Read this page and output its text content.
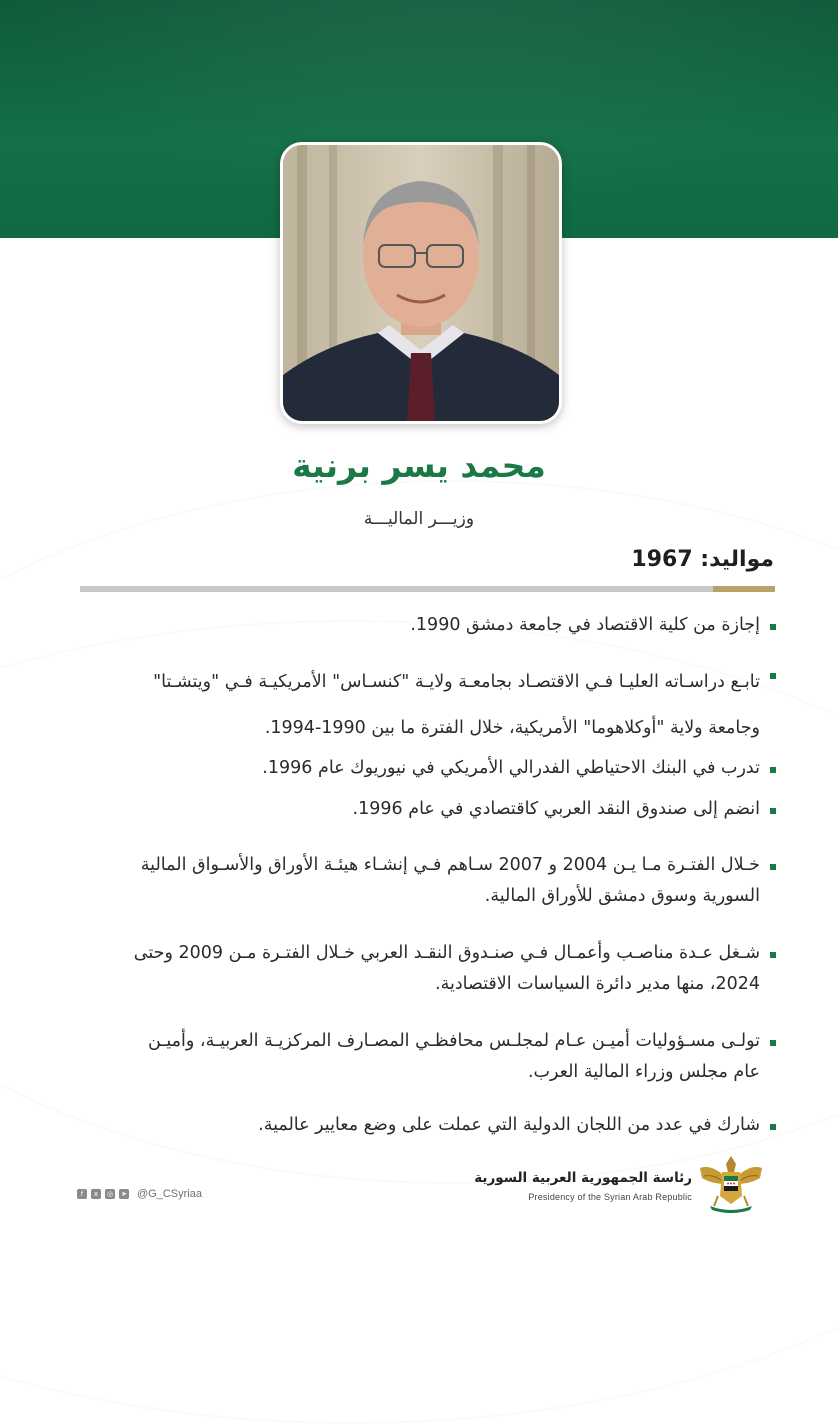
محمد يسر برنية
وزيـــر الماليـــة
مواليد: 1967
إجازة من كلية الاقتصاد في جامعة دمشق 1990.
تابـع دراسـاته العليـا فـي الاقتصـاد بجامعـة ولايـة "كنسـاس" الأمريكيـة فـي "ويتشـتا"
وجامعة ولاية "أوكلاهوما" الأمريكية، خلال الفترة ما بين 1990-1994.
تدرب في البنك الاحتياطي الفدرالي الأمريكي في نيوريوك عام 1996.
انضم إلى صندوق النقد العربي كاقتصادي في عام 1996.
خـلال الفتـرة مـا يـن 2004 و 2007 سـاهم فـي إنشـاء هيئـة الأوراق والأسـواق المالية
السورية وسوق دمشق للأوراق المالية.
شـغل عـدة مناصـب وأعمـال فـي صنـدوق النقـد العربي خـلال الفتـرة مـن 2009 وحتى
2024، منها مدير دائرة السياسات الاقتصادية.
تولـى مسـؤوليات أميـن عـام لمجلـس محافظـي المصـارف المركزيـة العربيـة، وأميـن
عام مجلس وزراء المالية العرب.
شارك في عدد من اللجان الدولية التي عملت على وضع معايير عالمية.
f	x	◎ ➤ @G_CSyriaa
رئاسة الجمهورية العربية السورية
Presidency of the Syrian Arab Republic
